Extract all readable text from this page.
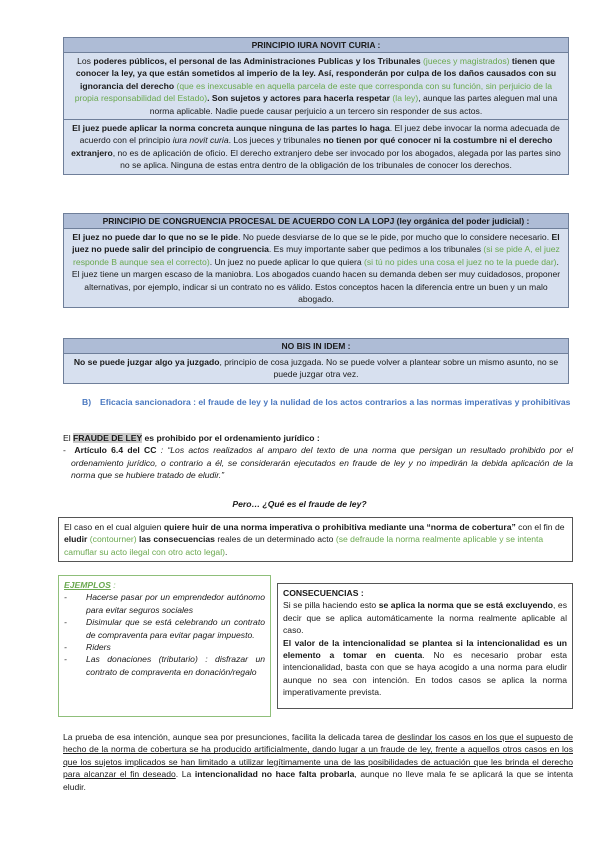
PRINCIPIO IURA NOVIT CURIA :
Los poderes públicos, el personal de las Administraciones Publicas y los Tribunales (jueces y magistrados) tienen que conocer la ley, ya que están sometidos al imperio de la ley. Así, responderán por culpa de los daños causados con su ignorancia del derecho (que es inexcusable en aquella parcela de este que corresponda con su función, sin perjuicio de la propia responsabilidad del Estado). Son sujetos y actores para hacerla respetar (la ley), aunque las partes aleguen mal una norma aplicable. Nadie puede causar perjuicio a un tercero sin responder de sus actos.
El juez puede aplicar la norma concreta aunque ninguna de las partes lo haga. El juez debe invocar la norma adecuada de acuerdo con el principio iura novit curia. Los jueces y tribunales no tienen por qué conocer ni la costumbre ni el derecho extranjero, no es de aplicación de oficio. El derecho extranjero debe ser invocado por los abogados, alegada por las partes sino no se aplica. Ninguna de estas entra dentro de la obligación de los tribunales de conocer los derechos.
PRINCIPIO DE CONGRUENCIA PROCESAL DE ACUERDO CON LA LOPJ (ley orgánica del poder judicial) :
El juez no puede dar lo que no se le pide. No puede desviarse de lo que se le pide, por mucho que lo considere necesario. El juez no puede salir del principio de congruencia. Es muy importante saber que pedimos a los tribunales (si se pide A, el juez responde B aunque sea el correcto). Un juez no puede aplicar lo que quiera (si tú no pides una cosa el juez no te la puede dar). El juez tiene un margen escaso de la maniobra. Los abogados cuando hacen su demanda deben ser muy cuidadosos, proponer alternativas, por ejemplo, indicar si un contrato no es válido. Estos conceptos hacen la diferencia entre un buen y un malo abogado.
NO BIS IN IDEM :
No se puede juzgar algo ya juzgado, principio de cosa juzgada. No se puede volver a plantear sobre un mismo asunto, no se puede juzgar otra vez.
B) Eficacia sancionadora : el fraude de ley y la nulidad de los actos contrarios a las normas imperativas y prohibitivas

El FRAUDE DE LEY es prohibido por el ordenamiento jurídico :

- Artículo 6.4 del CC : “Los actos realizados al amparo del texto de una norma que persigan un resultado prohibido por el ordenamiento jurídico, o contrario a él, se considerarán ejecutados en fraude de ley y no impedirán la debida aplicación de la norma que se hubiere tratado de eludir.”

Pero… ¿Qué es el fraude de ley?
El caso en el cual alguien quiere huir de una norma imperativa o prohibitiva mediante una “norma de cobertura” con el fin de eludir (contourner) las consecuencias reales de un determinado acto (se defraude la norma realmente aplicable y se intenta camuflar su acto ilegal con otro acto legal).
EJEMPLOS :
- Hacerse pasar por un emprendedor autónomo para evitar seguros sociales
- Disimular que se está celebrando un contrato de compraventa para evitar pagar impuesto.
- Riders
- Las donaciones (tributario) : disfrazar un contrato de compraventa en donación/regalo

CONSECUENCIAS :

Si se pilla haciendo esto se aplica la norma que se está excluyendo, es decir que se aplica automáticamente la norma realmente aplicable al caso.

El valor de la intencionalidad se plantea si la intencionalidad es un elemento a tomar en cuenta. No es necesario probar esta intencionalidad, basta con que se haya acogido a una norma para eludir aunque no sea con intención. En todos casos se aplica la norma imperativamente prevista.

La prueba de esa intención, aunque sea por presunciones, facilita la delicada tarea de deslindar los casos en los que el supuesto de hecho de la norma de cobertura se ha producido artificialmente, dando lugar a un fraude de ley, frente a aquellos otros casos en los que los sujetos implicados se han limitado a utilizar legítimamente una de las posibilidades de actuación que les brinda el derecho para alcanzar el fin deseado. La intencionalidad no hace falta probarla, aunque no lleve mala fe se aplicará la que se intenta eludir.
